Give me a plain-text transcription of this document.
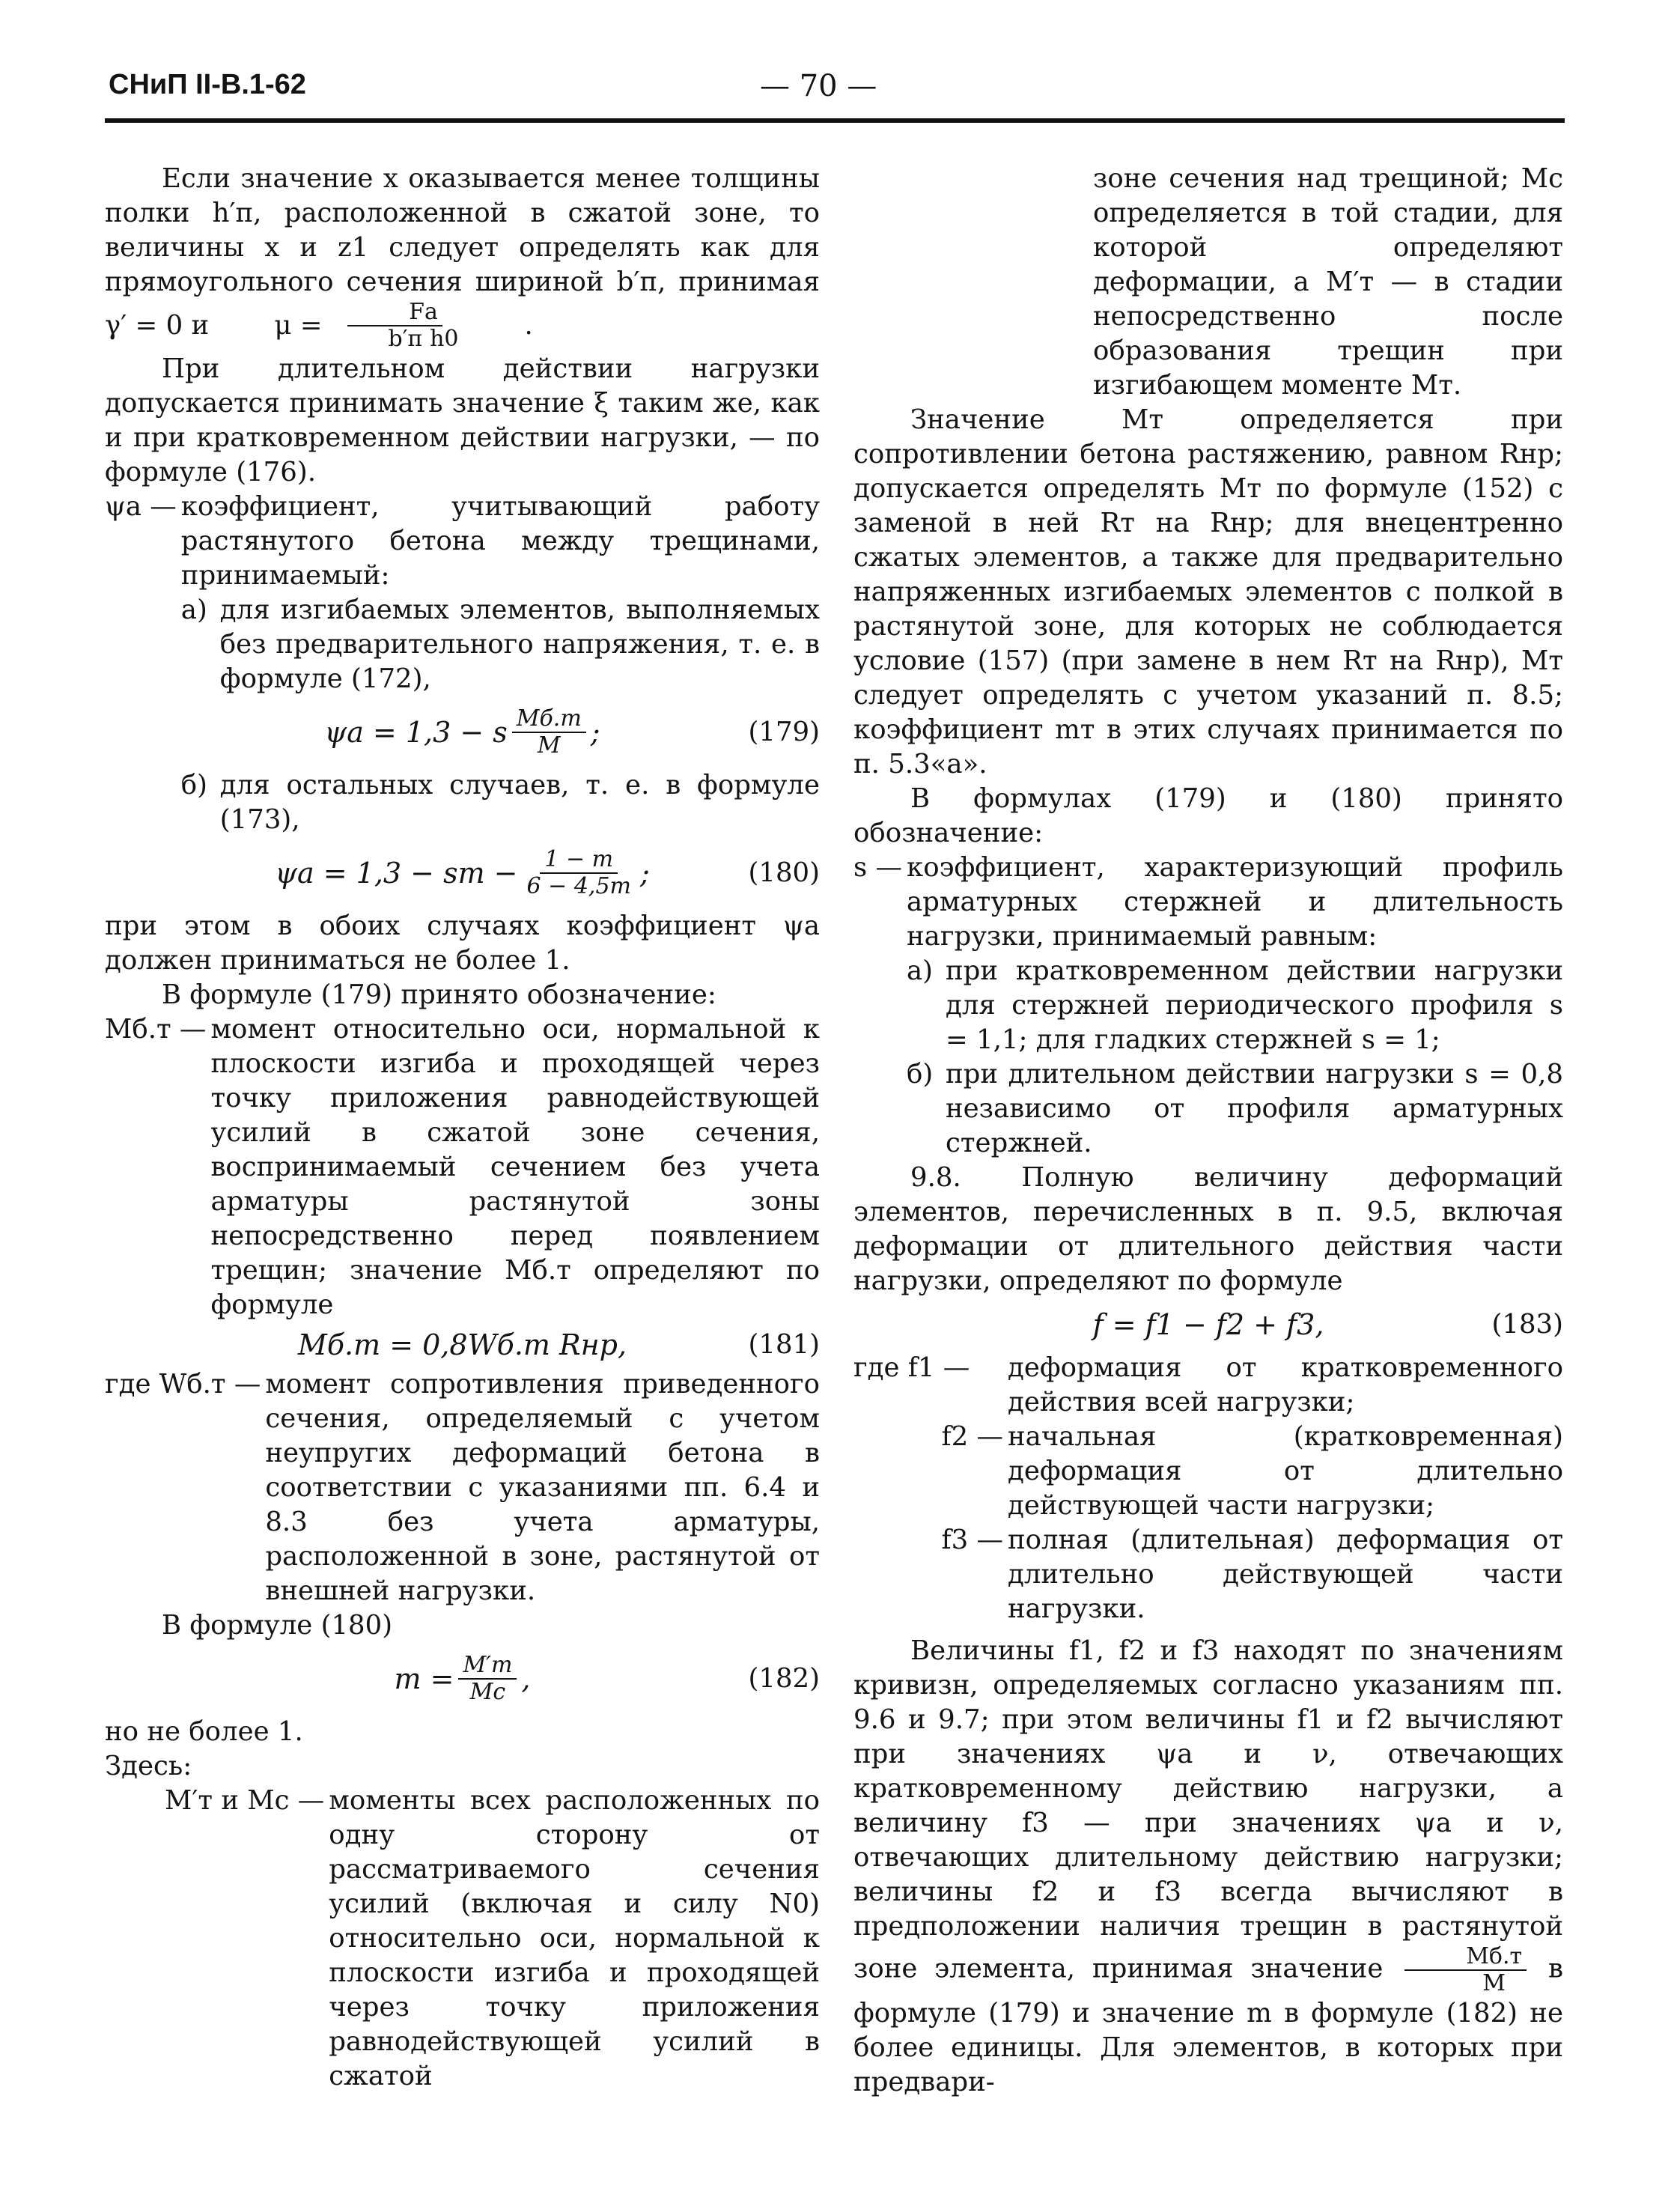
СНиП II-В.1-62	— 70 —

Если значение x оказывается менее толщины полки h′п, расположенной в сжатой зоне, то величины x и z1 следует определять как для прямоугольного сечения шириной b′п, принимая γ′ = 0 и	$\mu = \frac{Fа}{\text{b′п h0}}$	.

При длительном действии нагрузки допускается принимать значение ξ таким же, как и при кратковременном действии нагрузки, — по формуле (176).

ψа — коэффициент, учитывающий работу растянутого бетона между трещинами, принимаемый:

а) для изгибаемых элементов, выполняемых без предварительного напряжения, т. е. в формуле (172),
ψа = 1,3 − s $\frac{Mб.т}{M}$ ;	(179)
б) для остальных случаев, т. е. в формуле (173),
ψа = 1,3 − sm − $\frac{1 - m}{6 - 4,5m}$ ;	(180)

при этом в обоих случаях коэффициент ψа должен приниматься не более 1.

В формуле (179) принято обозначение:

Mб.т — момент относительно оси, нормальной к плоскости изгиба и проходящей через точку приложения равнодействующей усилий в сжатой зоне сечения, воспринимаемый сечением без учета арматуры растянутой зоны непосредственно перед появлением трещин; значение Mб.т определяют по формуле

Mб.т = 0,8Wб.т Rнр,	(181)
где Wб.т — момент сопротивления приведенного сечения, определяемый с учетом неупругих деформаций бетона в соответствии с указаниями пп. 6.4 и 8.3 без учета арматуры, расположенной в зоне, растянутой от внешней нагрузки.

В формуле (180)

$m = \frac{M'т}{Mс}$ ,	(182)

но не более 1.

Здесь:

M′т и Mс — моменты всех расположенных по одну сторону от рассматриваемого сечения усилий (включая и силу N0) относительно оси, нормальной к плоскости изгиба и проходящей через точку приложения равнодействующей усилий в сжатой

зоне сечения над трещиной; Mс определяется в той стадии, для которой определяют деформации, а M′т — в стадии непосредственно после образования трещин при изгибающем моменте Mт.

Значение Mт определяется при сопротивлении бетона растяжению, равном Rнр; допускается определять Mт по формуле (152) с заменой в ней Rт на Rнр; для внецентренно сжатых элементов, а также для предварительно напряженных изгибаемых элементов с полкой в растянутой зоне, для которых не соблюдается условие (157) (при замене в нем Rт на Rнр), Mт следует определять с учетом указаний п. 8.5; коэффициент mт в этих случаях принимается по п. 5.3«а».

В формулах (179) и (180) принято обозначение:

s — коэффициент, характеризующий профиль арматурных стержней и длительность нагрузки, принимаемый равным:

а) при кратковременном действии нагрузки для стержней периодического профиля s = 1,1; для гладких стержней s = 1;
б) при длительном действии нагрузки s = 0,8 независимо от профиля арматурных стержней.

9.8. Полную величину деформаций элементов, перечисленных в п. 9.5, включая деформации от длительного действия части нагрузки, определяют по формуле

f = f1 − f2 + f3,	(183)
где f1 —	деформация от кратковременного действия всей нагрузки;

f2 — начальная (кратковременная) деформация от длительно действующей части нагрузки;

f3 — полная (длительная) деформация от длительно действующей части нагрузки.

Величины f1, f2 и f3 находят по значениям кривизн, определяемых согласно указаниям пп. 9.6 и 9.7; при этом величины f1 и f2 вычисляют при значениях ψа и ν, отвечающих кратковременному действию нагрузки, а величину f3 — при значениях ψа и ν, отвечающих длительному действию нагрузки; величины f2 и f3 всегда вычисляют в предположении наличия трещин в растянутой зоне элемента, принимая значение $\frac{Mб.т}{M}$ в формуле (179) и значение m в формуле (182) не более единицы. Для элементов, в которых при предвари-
